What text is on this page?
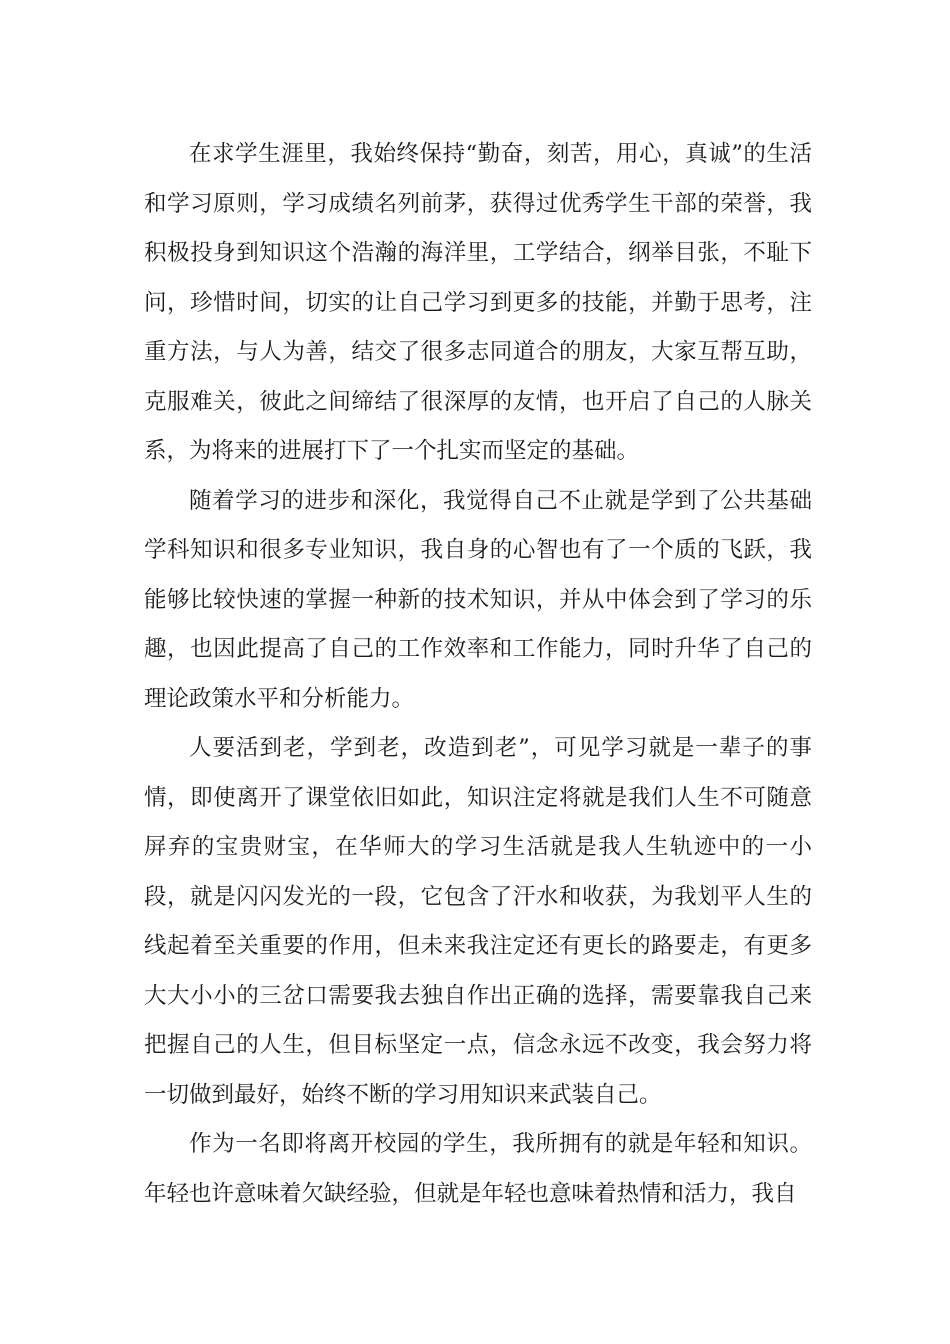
在求学生涯里，我始终保持“勤奋，刻苦，用心，真诚”的生活和学习原则，学习成绩名列前茅，获得过优秀学生干部的荣誉，我积极投身到知识这个浩瀚的海洋里，工学结合，纲举目张，不耻下问，珍惜时间，切实的让自己学习到更多的技能，并勤于思考，注重方法，与人为善，结交了很多志同道合的朋友，大家互帮互助，克服难关，彼此之间缔结了很深厚的友情，也开启了自己的人脉关系，为将来的进展打下了一个扎实而坚定的基础。

随着学习的进步和深化，我觉得自己不止就是学到了公共基础学科知识和很多专业知识，我自身的心智也有了一个质的飞跃，我能够比较快速的掌握一种新的技术知识，并从中体会到了学习的乐趣，也因此提高了自己的工作效率和工作能力，同时升华了自己的理论政策水平和分析能力。

人要活到老，学到老，改造到老”，可见学习就是一辈子的事情，即使离开了课堂依旧如此，知识注定将就是我们人生不可随意屏弃的宝贵财宝，在华师大的学习生活就是我人生轨迹中的一小段，就是闪闪发光的一段，它包含了汗水和收获，为我划平人生的线起着至关重要的作用，但未来我注定还有更长的路要走，有更多大大小小的三岔口需要我去独自作出正确的选择，需要靠我自己来把握自己的人生，但目标坚定一点，信念永远不改变，我会努力将一切做到最好，始终不断的学习用知识来武装自己。

作为一名即将离开校园的学生，我所拥有的就是年轻和知识。年轻也许意味着欠缺经验，但就是年轻也意味着热情和活力，我自
